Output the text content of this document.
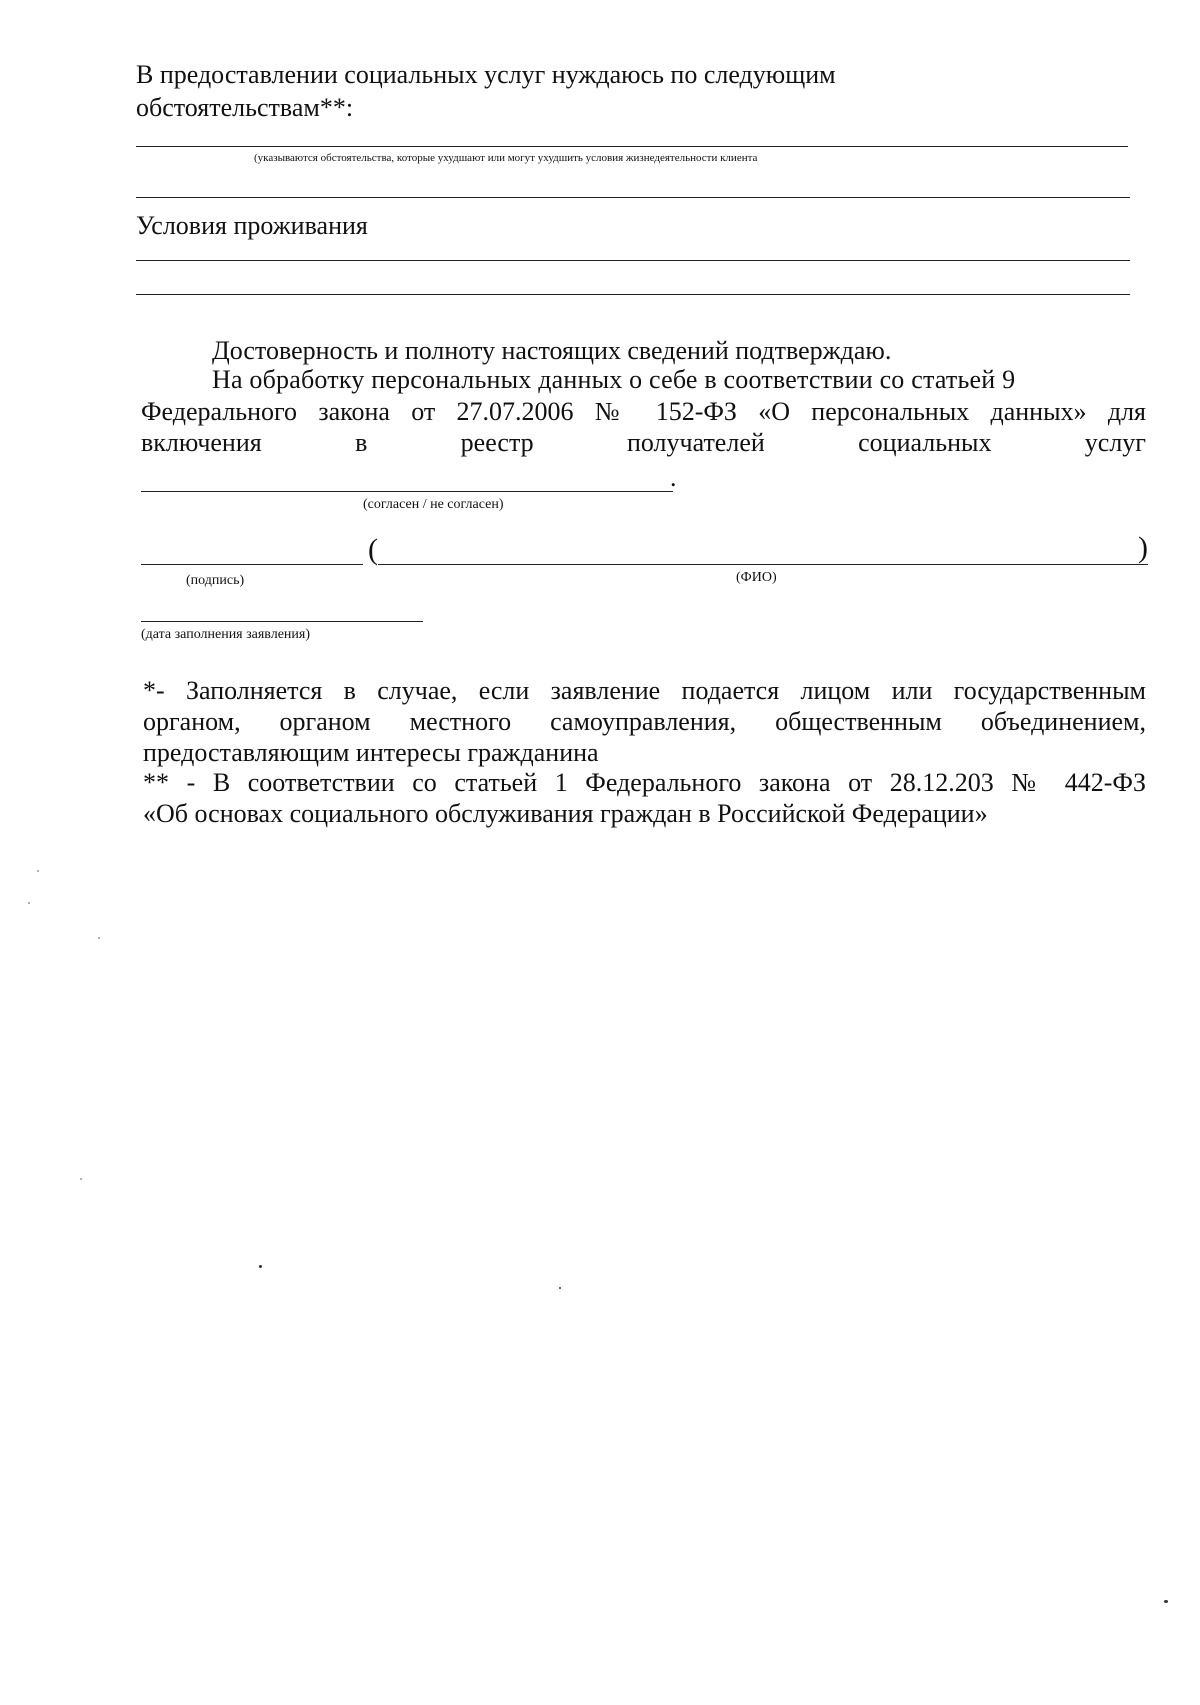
В предоставлении социальных услуг нуждаюсь по следующим
обстоятельствам**:
(указываются обстоятельства, которые ухудшают или могут ухудшить условия жизнедеятельности клиента
Условия проживания
Достоверность и полноту настоящих сведений подтверждаю.
На обработку персональных данных о себе в соответствии со статьей 9
Федерального закона от 27.07.2006 № 152-ФЗ «О персональных данных» для
включения	в	реестр	получателей	социальных	услуг
.
(согласен / не согласен)
(	)
(подпись)	(ФИО)
(дата заполнения заявления)
*- Заполняется в случае, если заявление подается лицом или государственным
органом, органом местного самоуправления, общественным объединением,
предоставляющим интересы гражданина
** - В соответствии со статьей 1 Федерального закона от 28.12.203 № 442-ФЗ
«Об основах социального обслуживания граждан в Российской Федерации»
